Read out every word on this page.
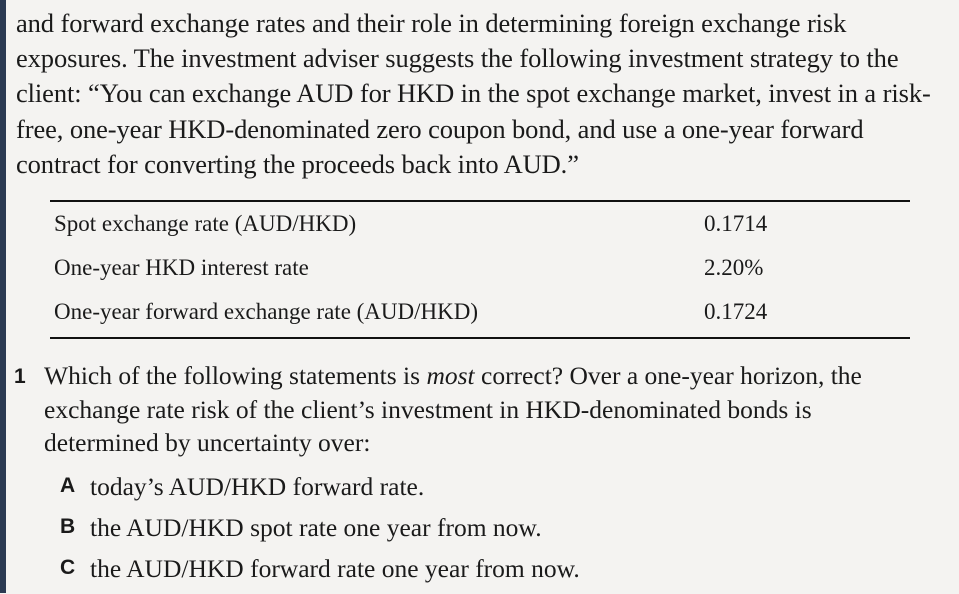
and forward exchange rates and their role in determining foreign exchange risk exposures. The investment adviser suggests the following investment strategy to the client: “You can exchange AUD for HKD in the spot exchange market, invest in a risk-free, one-year HKD-denominated zero coupon bond, and use a one-year forward contract for converting the proceeds back into AUD.”

Spot exchange rate (AUD/HKD)	0.1714
One-year HKD interest rate	2.20%
One-year forward exchange rate (AUD/HKD)	0.1724
1 Which of the following statements is most correct? Over a one-year horizon, the exchange rate risk of the client’s investment in HKD-denominated bonds is determined by uncertainty over:
A today’s AUD/HKD forward rate.
B the AUD/HKD spot rate one year from now.
C the AUD/HKD forward rate one year from now.
